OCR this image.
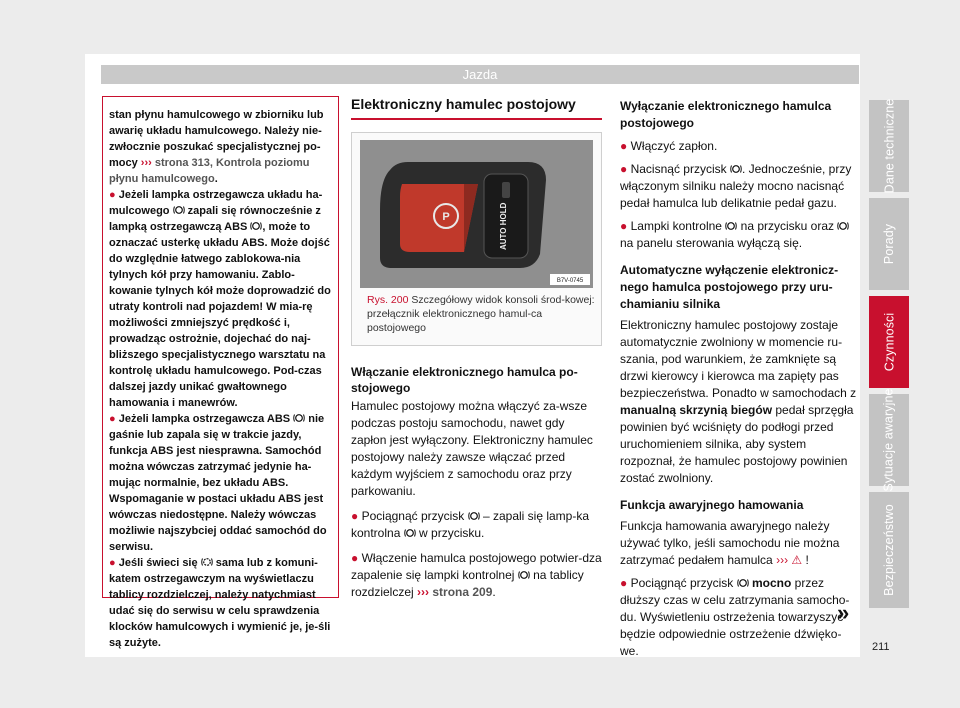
Jazda

stan płynu hamulcowego w zbiorniku lub awarię układu hamulcowego. Należy nie-zwłocznie poszukać specjalistycznej po-mocy ››› strona 313, Kontrola poziomu płynu hamulcowego.

● Jeżeli lampka ostrzegawcza układu ha-mulcowego  zapali się równocześnie z lampką ostrzegawczą ABS , może to oznaczać usterkę układu ABS. Może dojść do względnie łatwego zablokowa-nia tylnych kół przy hamowaniu. Zablo-kowanie tylnych kół może doprowadzić do utraty kontroli nad pojazdem! W mia-rę możliwości zmniejszyć prędkość i, prowadząc ostrożnie, dojechać do naj-bliższego specjalistycznego warsztatu na kontrolę układu hamulcowego. Pod-czas dalszej jazdy unikać gwałtownego hamowania i manewrów.

● Jeżeli lampka ostrzegawcza ABS  nie gaśnie lub zapala się w trakcie jazdy, funkcja ABS jest niesprawna. Samochód można wówczas zatrzymać jedynie ha-mując normalnie, bez układu ABS. Wspomaganie w postaci układu ABS jest wówczas niedostępne. Należy wówczas możliwie najszybciej oddać samochód do serwisu.

● Jeśli świeci się  sama lub z komuni-katem ostrzegawczym na wyświetlaczu tablicy rozdzielczej, należy natychmiast udać się do serwisu w celu sprawdzenia klocków hamulcowych i wymienić je, je-śli są zużyte.

Elektroniczny hamulec postojowy
P	AUTO HOLD
B7V-0745
Rys. 200 Szczegółowy widok konsoli środ-kowej: przełącznik elektronicznego hamul-ca postojowego
Włączanie elektronicznego hamulca po-stojowego

Hamulec postojowy można włączyć za-wsze podczas postoju samochodu, nawet gdy zapłon jest wyłączony. Elektroniczny hamulec postojowy należy zawsze włączać przed każdym wyjściem z samochodu oraz przy parkowaniu.

● Pociągnąć przycisk  – zapali się lamp-ka kontrolna  w przycisku.

● Włączenie hamulca postojowego potwier-dza zapalenie się lampki kontrolnej  na tablicy rozdzielczej ››› strona 209.

Wyłączanie elektronicznego hamulca postojowego

● Włączyć zapłon.

● Nacisnąć przycisk . Jednocześnie, przy włączonym silniku należy mocno nacisnąć pedał hamulca lub delikatnie pedał gazu.

● Lampki kontrolne  na przycisku oraz  na panelu sterowania wyłączą się.

Automatyczne wyłączenie elektronicz-nego hamulca postojowego przy uru-chamianiu silnika

Elektroniczny hamulec postojowy zostaje automatycznie zwolniony w momencie ru-szania, pod warunkiem, że zamknięte są drzwi kierowcy i kierowca ma zapięty pas bezpieczeństwa. Ponadto w samochodach z manualną skrzynią biegów pedał sprzęgła powinien być wciśnięty do podłogi przed uruchomieniem silnika, aby system rozpoznał, że hamulec postojowy powinien zostać zwolniony.

Funkcja awaryjnego hamowania

Funkcja hamowania awaryjnego należy używać tylko, jeśli samochodu nie można zatrzymać pedałem hamulca ››› ⚠ !

● Pociągnąć przycisk  mocno przez dłuższy czas w celu zatrzymania samocho-du. Wyświetleniu ostrzeżenia towarzyszyć będzie odpowiednie ostrzeżenie dźwięko-we.

»
Dane techniczne
Porady
Czynności
Sytuacje awaryjne
Bezpieczeństwo
211
